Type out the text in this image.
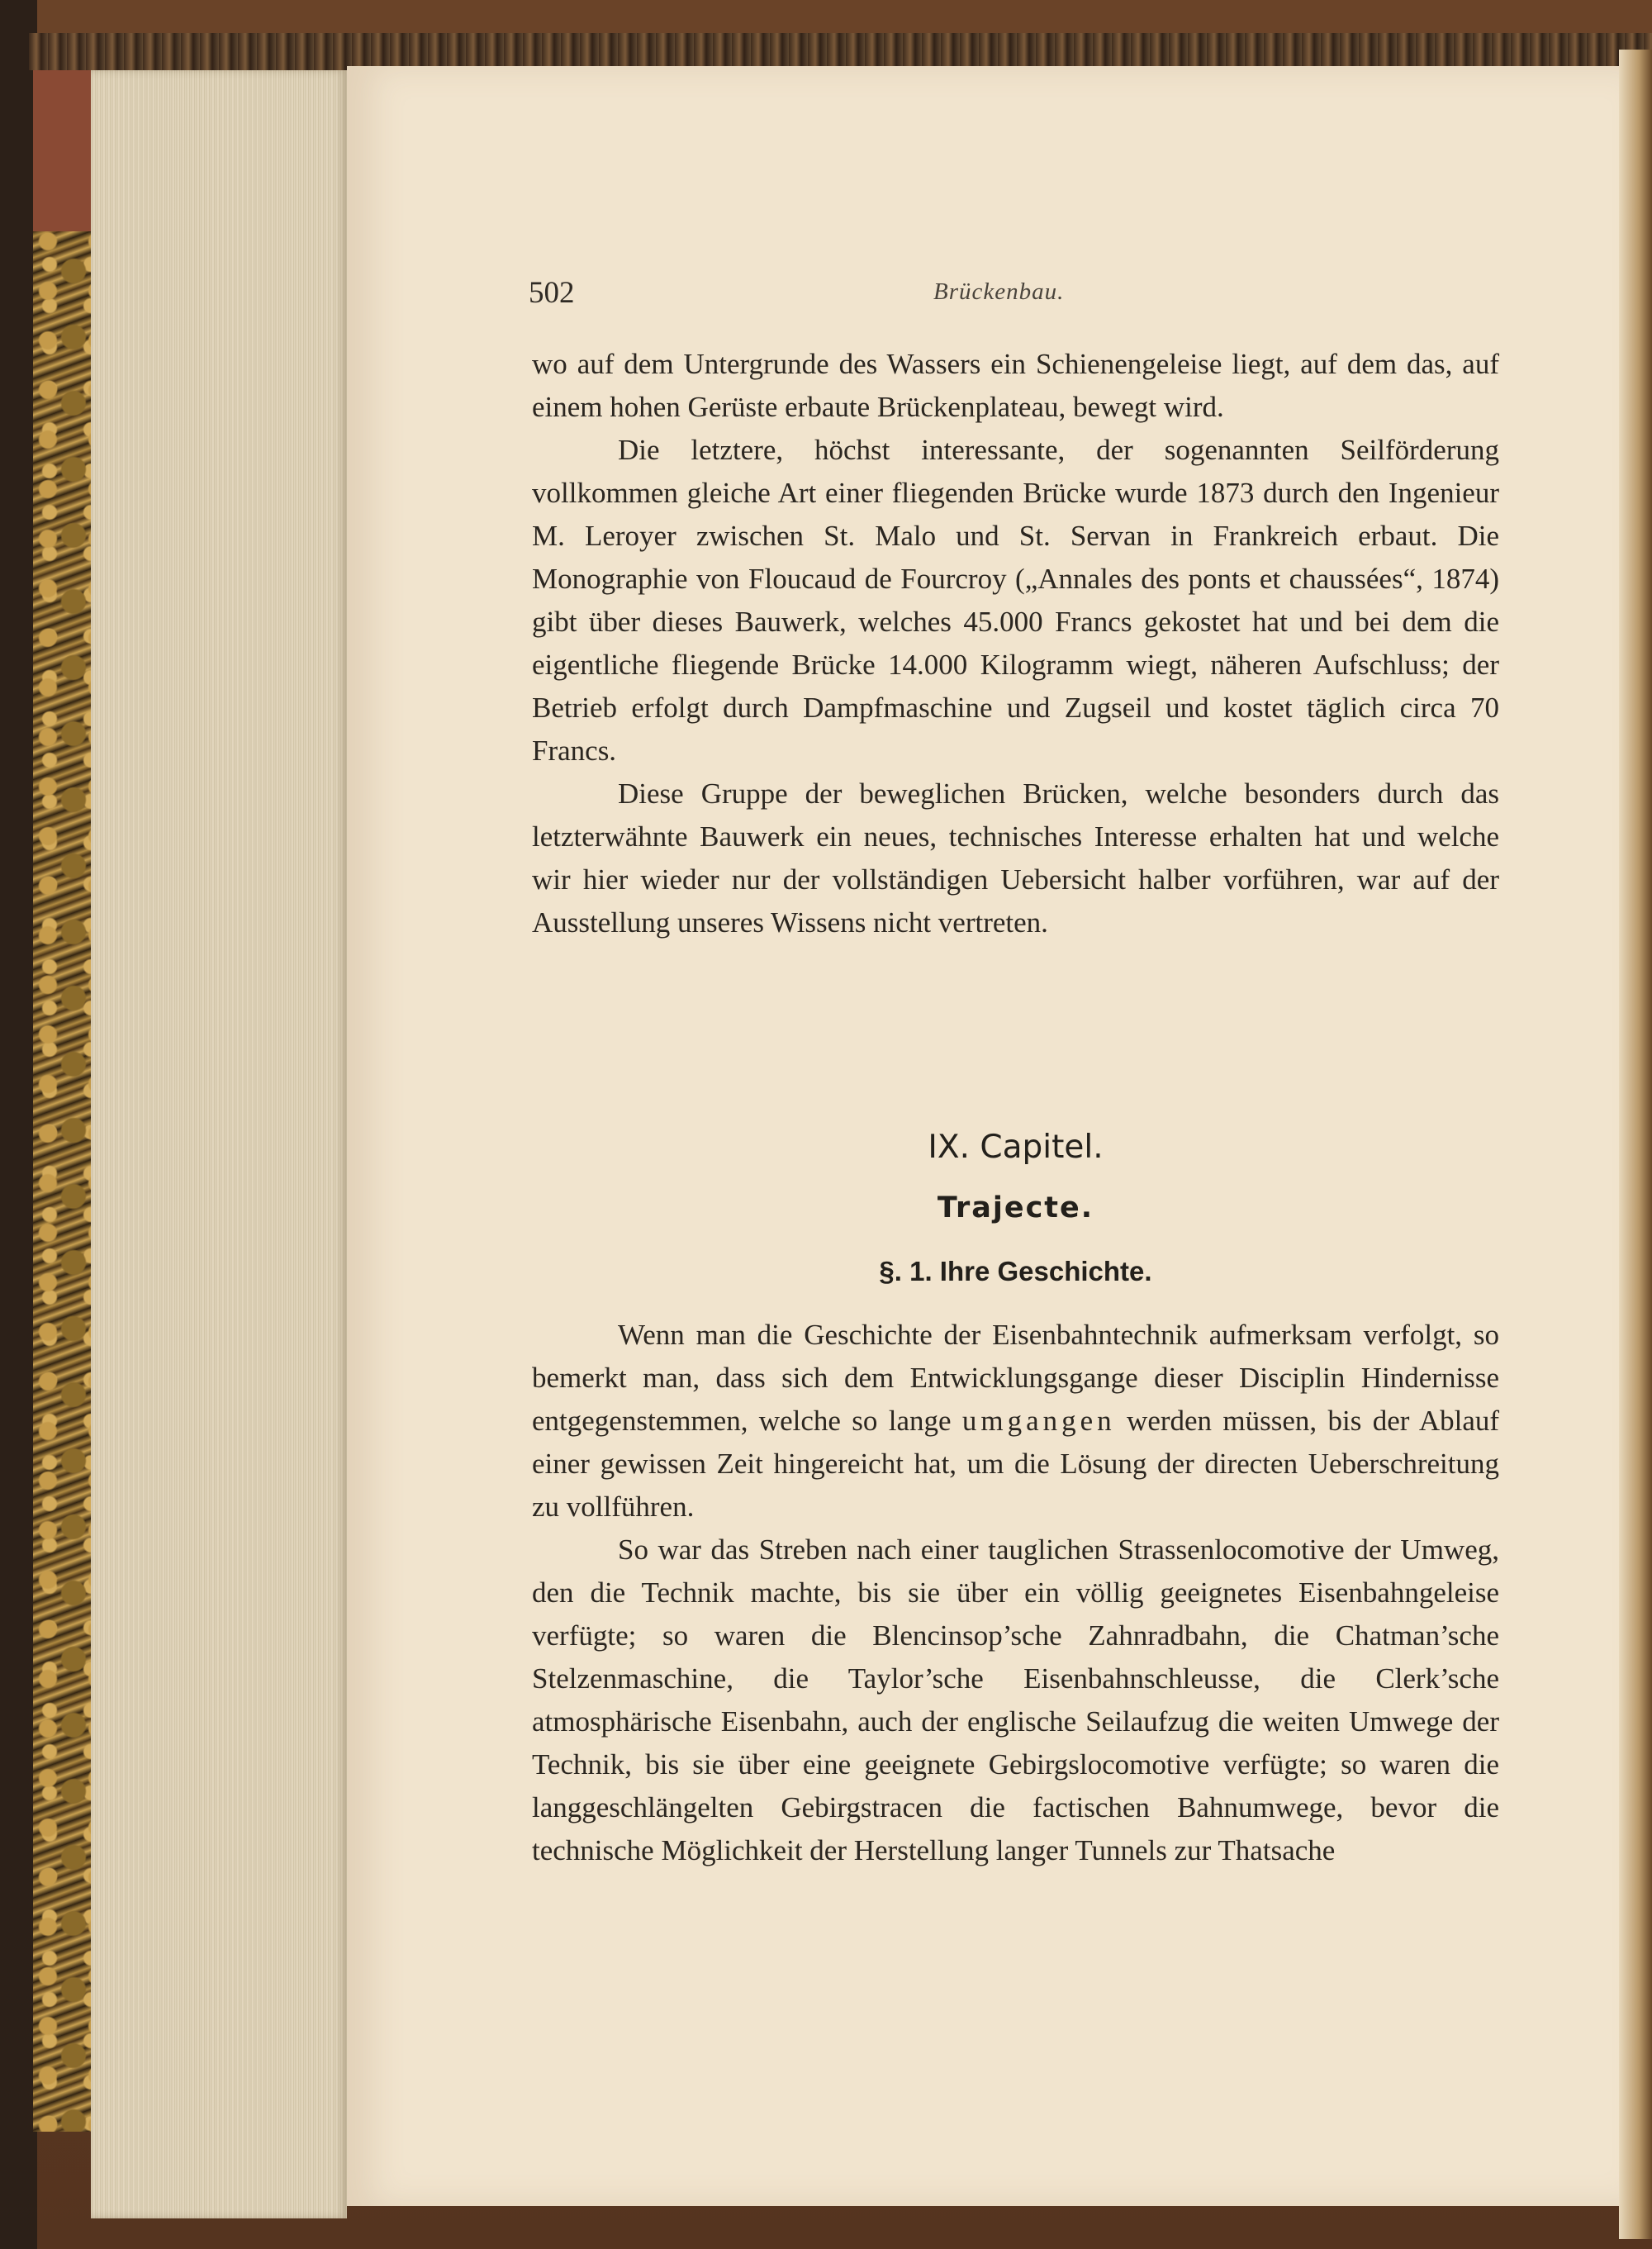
502	Brückenbau.

wo auf dem Untergrunde des Wassers ein Schienengeleise liegt, auf dem das, auf einem hohen Gerüste erbaute Brückenplateau, bewegt wird.

Die letztere, höchst interessante, der sogenannten Seilförderung vollkommen gleiche Art einer fliegenden Brücke wurde 1873 durch den Ingenieur M. Leroyer zwischen St. Malo und St. Servan in Frankreich erbaut. Die Monographie von Floucaud de Fourcroy („Annales des ponts et chaussées“, 1874) gibt über dieses Bauwerk, welches 45.000 Francs gekostet hat und bei dem die eigentliche fliegende Brücke 14.000 Kilogramm wiegt, näheren Aufschluss; der Betrieb erfolgt durch Dampfmaschine und Zugseil und kostet täglich circa 70 Francs.

Diese Gruppe der beweglichen Brücken, welche besonders durch das letzterwähnte Bauwerk ein neues, technisches Interesse erhalten hat und welche wir hier wieder nur der vollständigen Uebersicht halber vorführen, war auf der Ausstellung unseres Wissens nicht vertreten.

IX. Capitel.
Trajecte.
§. 1. Ihre Geschichte.

Wenn man die Geschichte der Eisenbahntechnik aufmerksam verfolgt, so bemerkt man, dass sich dem Entwicklungsgange dieser Disciplin Hindernisse entgegenstemmen, welche so lange umgangen werden müssen, bis der Ablauf einer gewissen Zeit hingereicht hat, um die Lösung der directen Ueberschreitung zu vollführen.

So war das Streben nach einer tauglichen Strassenlocomotive der Umweg, den die Technik machte, bis sie über ein völlig geeignetes Eisenbahngeleise verfügte; so waren die Blencinsop’sche Zahnradbahn, die Chatman’sche Stelzenmaschine, die Taylor’sche Eisenbahnschleusse, die Clerk’sche atmosphärische Eisenbahn, auch der englische Seilaufzug die weiten Umwege der Technik, bis sie über eine geeignete Gebirgslocomotive verfügte; so waren die langgeschlängelten Gebirgstracen die factischen Bahnumwege, bevor die technische Möglichkeit der Herstellung langer Tunnels zur Thatsache
